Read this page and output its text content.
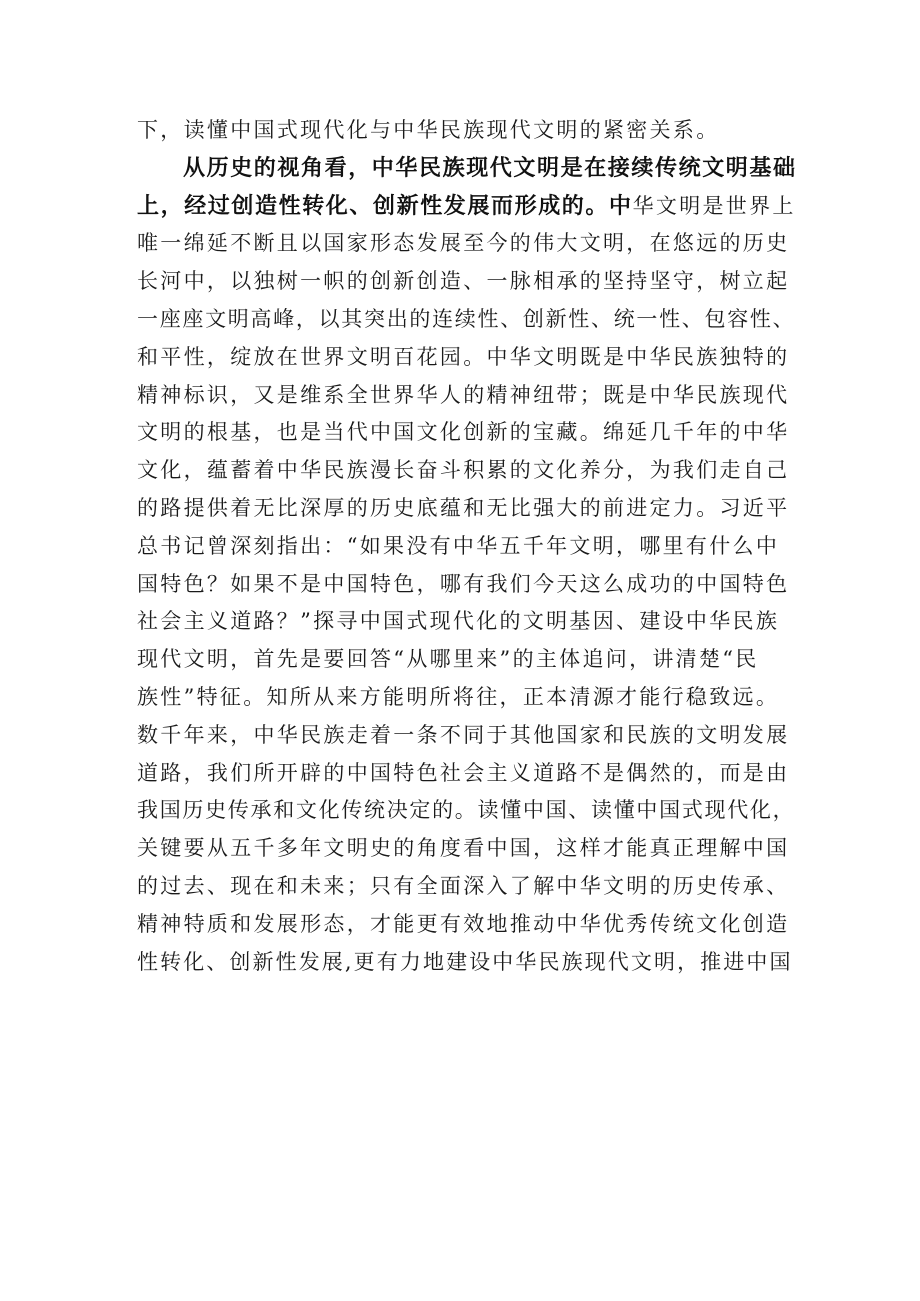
下，读懂中国式现代化与中华民族现代文明的紧密关系。
从历史的视角看，中华民族现代文明是在接续传统文明基础
上，经过创造性转化、创新性发展而形成的。中华文明是世界上
唯一绵延不断且以国家形态发展至今的伟大文明，在悠远的历史
长河中，以独树一帜的创新创造、一脉相承的坚持坚守，树立起
一座座文明高峰，以其突出的连续性、创新性、统一性、包容性、
和平性，绽放在世界文明百花园。中华文明既是中华民族独特的
精神标识，又是维系全世界华人的精神纽带；既是中华民族现代
文明的根基，也是当代中国文化创新的宝藏。绵延几千年的中华
文化，蕴蓄着中华民族漫长奋斗积累的文化养分，为我们走自己
的路提供着无比深厚的历史底蕴和无比强大的前进定力。习近平
总书记曾深刻指出：“如果没有中华五千年文明，哪里有什么中
国特色？如果不是中国特色，哪有我们今天这么成功的中国特色
社会主义道路？”探寻中国式现代化的文明基因、建设中华民族
现代文明，首先是要回答“从哪里来”的主体追问，讲清楚“民
族性”特征。知所从来方能明所将往，正本清源才能行稳致远。
数千年来，中华民族走着一条不同于其他国家和民族的文明发展
道路，我们所开辟的中国特色社会主义道路不是偶然的，而是由
我国历史传承和文化传统决定的。读懂中国、读懂中国式现代化，
关键要从五千多年文明史的角度看中国，这样才能真正理解中国
的过去、现在和未来；只有全面深入了解中华文明的历史传承、
精神特质和发展形态，才能更有效地推动中华优秀传统文化创造
性转化、创新性发展,更有力地建设中华民族现代文明，推进中国
